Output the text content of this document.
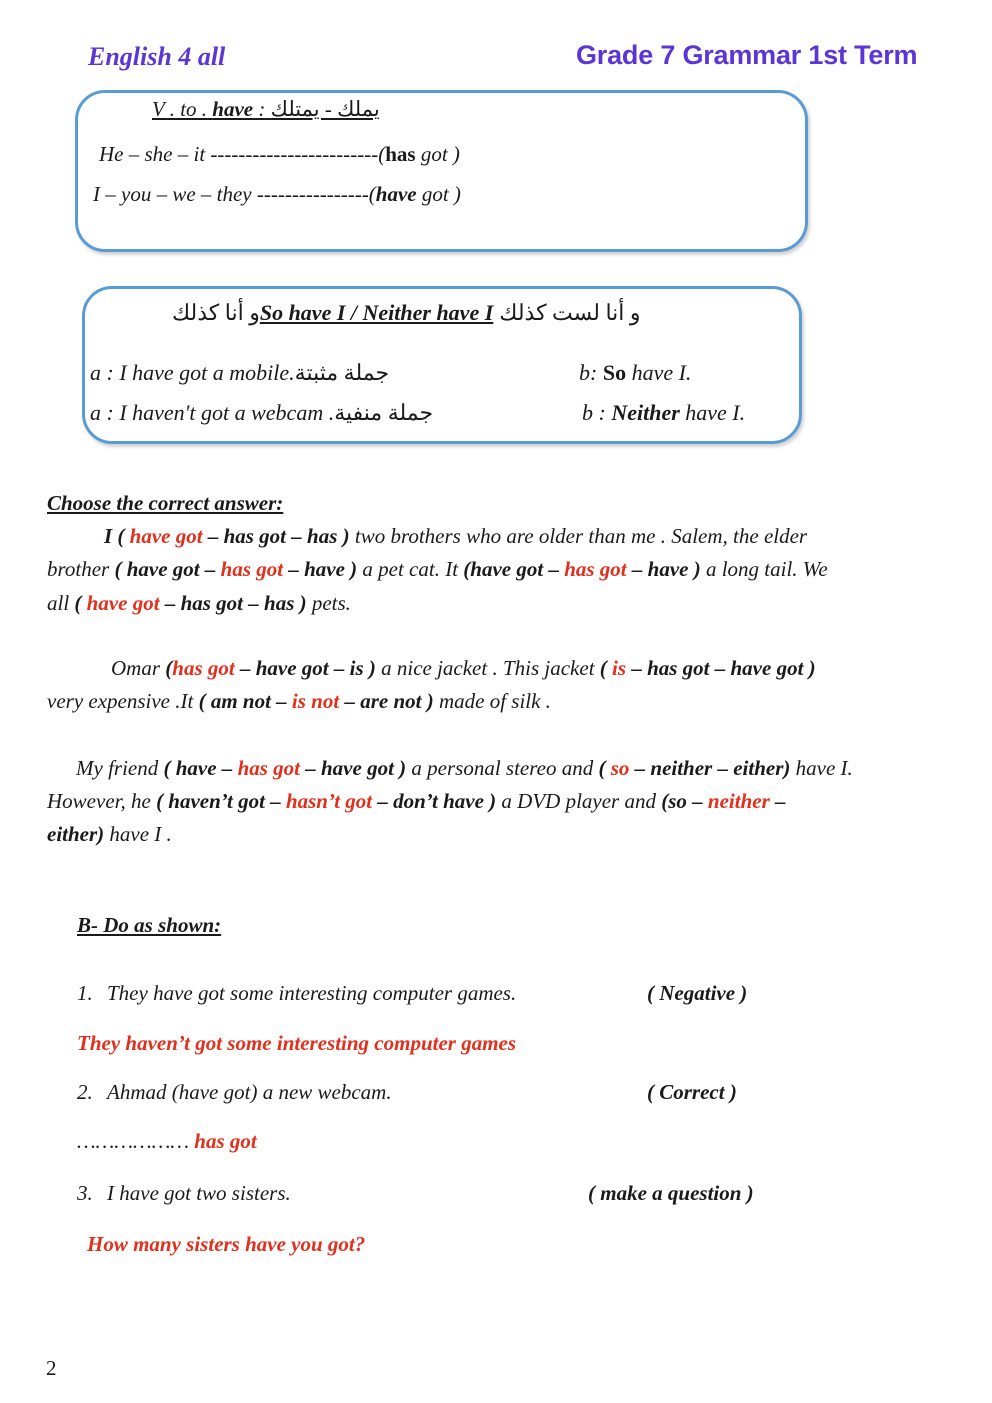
English 4 all	Grade 7 Grammar 1st Term
V . to . have : يملك - يمتلك
He – she – it ------------------------(has got )
I – you – we – they ----------------(have got )
و أنا كذلكSo have I / Neither have I و أنا لست كذلك
a : I have got a mobile.جملة مثبتة	b: So have I.
a : I haven't got a webcam .جملة منفية	b : Neither have I.
Choose the correct answer:
I ( have got – has got – has ) two brothers who are older than me . Salem, the elder
brother ( have got – has got – have ) a pet cat. It (have got – has got – have ) a long tail. We
all ( have got – has got – has ) pets.
Omar (has got – have got – is ) a nice jacket . This jacket ( is – has got – have got )
very expensive .It ( am not – is not – are not ) made of silk .
My friend ( have – has got – have got ) a personal stereo and ( so – neither – either) have I.
However, he ( haven’t got – hasn’t got – don’t have ) a DVD player and (so – neither –
either) have I .
B- Do as shown:
1. They have got some interesting computer games.	( Negative )
They haven’t got some interesting computer games
2. Ahmad (have got) a new webcam.	( Correct )
……………… has got
3. I have got two sisters.	( make a question )
How many sisters have you got?
2
